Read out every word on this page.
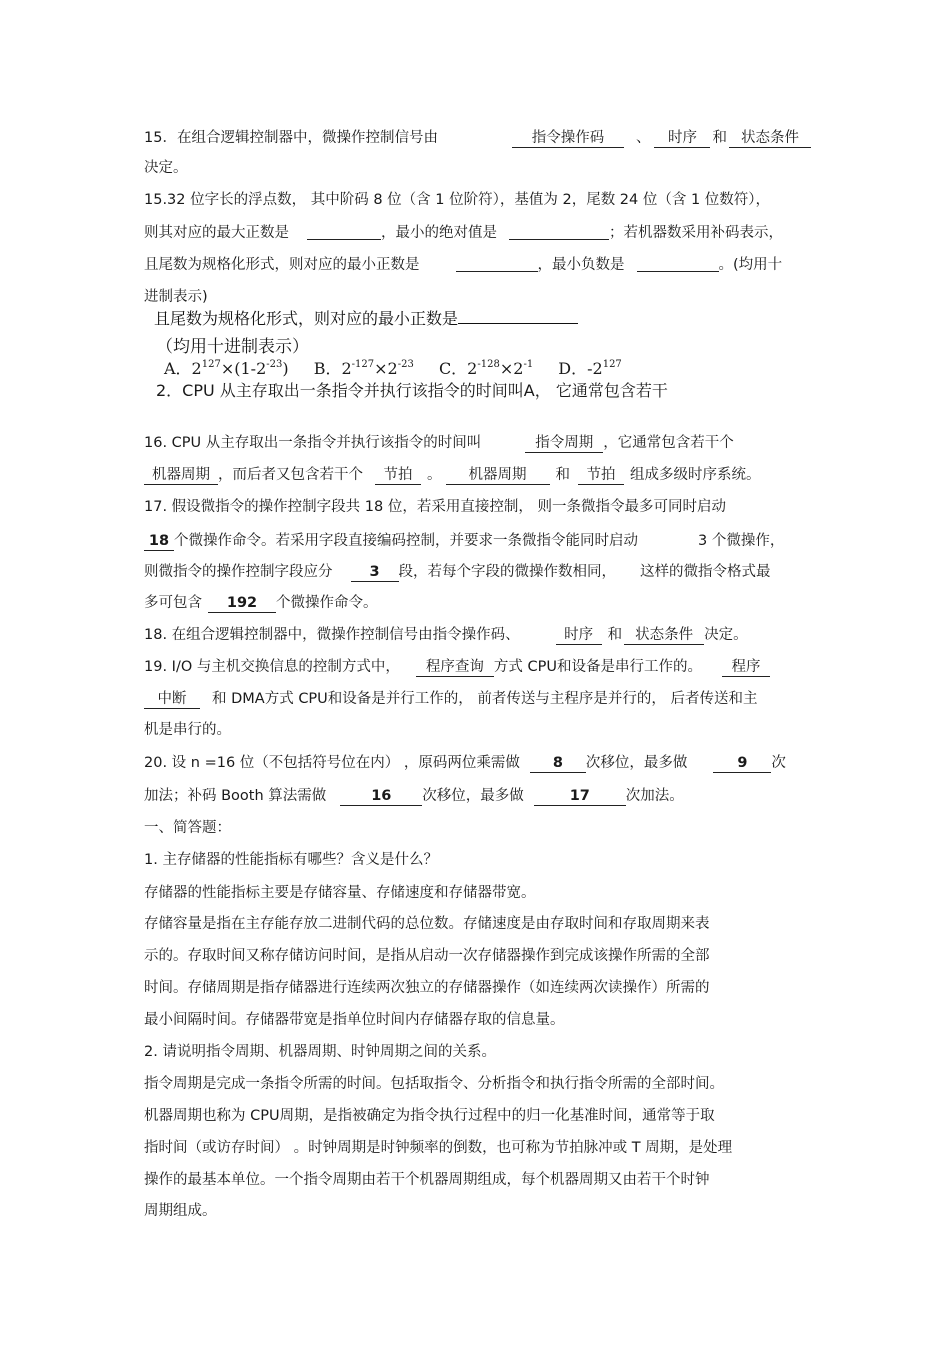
15．在组合逻辑控制器中，微操作控制信号由	指令操作码 、 时序 和 状态条件
决定。
15.32 位字长的浮点数， 其中阶码 8 位（含 1 位阶符），基值为 2，尾数 24 位（含 1 位数符），
则其对应的最大正数是	，最小的绝对值是	；若机器数采用补码表示，
且尾数为规格化形式，则对应的最小正数是	，最小负数是	。(均用十
进制表示)
且尾数为规格化形式，则对应的最小正数是
（均用十进制表示）
A．$2^{127}\times(1-2^{-23})$ B．$2^{-127}\times 2^{-23}$ C．$2^{-128}\times 2^{-1}$ D．$-2^{127}$
2．CPU 从主存取出一条指令并执行该指令的时间叫A， 它通常包含若干
16. CPU 从主存取出一条指令并执行该指令的时间叫	指令周期 ，它通常包含若干个
机器周期 ，而后者又包含若干个 节拍 。 机器周期 和 节拍 组成多级时序系统。
17. 假设微指令的操作控制字段共 18 位，若采用直接控制， 则一条微指令最多可同时启动
18 个微操作命令。若采用字段直接编码控制，并要求一条微指令能同时启动	3 个微操作，
则微指令的操作控制字段应分	3 段，若每个字段的微操作数相同， 这样的微指令格式最
多可包含 192 个微操作命令。
18. 在组合逻辑控制器中，微操作控制信号由指令操作码、	时序 和 状态条件 决定。
19. I/O 与主机交换信息的控制方式中， 程序查询 方式 CPU和设备是串行工作的。 程序
中断 和 DMA方式 CPU和设备是并行工作的， 前者传送与主程序是并行的， 后者传送和主
机是串行的。
20. 设 n =16 位（不包括符号位在内） ，原码两位乘需做 8 次移位，最多做	9 次
加法；补码 Booth 算法需做	16 次移位，最多做	17 次加法。
一、简答题：
1. 主存储器的性能指标有哪些？含义是什么？
存储器的性能指标主要是存储容量、存储速度和存储器带宽。
存储容量是指在主存能存放二进制代码的总位数。存储速度是由存取时间和存取周期来表
示的。存取时间又称存储访问时间，是指从启动一次存储器操作到完成该操作所需的全部
时间。存储周期是指存储器进行连续两次独立的存储器操作（如连续两次读操作）所需的
最小间隔时间。存储器带宽是指单位时间内存储器存取的信息量。
2. 请说明指令周期、机器周期、时钟周期之间的关系。
指令周期是完成一条指令所需的时间。包括取指令、分析指令和执行指令所需的全部时间。
机器周期也称为 CPU周期，是指被确定为指令执行过程中的归一化基准时间，通常等于取
指时间（或访存时间） 。时钟周期是时钟频率的倒数，也可称为节拍脉冲或 T 周期，是处理
操作的最基本单位。一个指令周期由若干个机器周期组成，每个机器周期又由若干个时钟
周期组成。
